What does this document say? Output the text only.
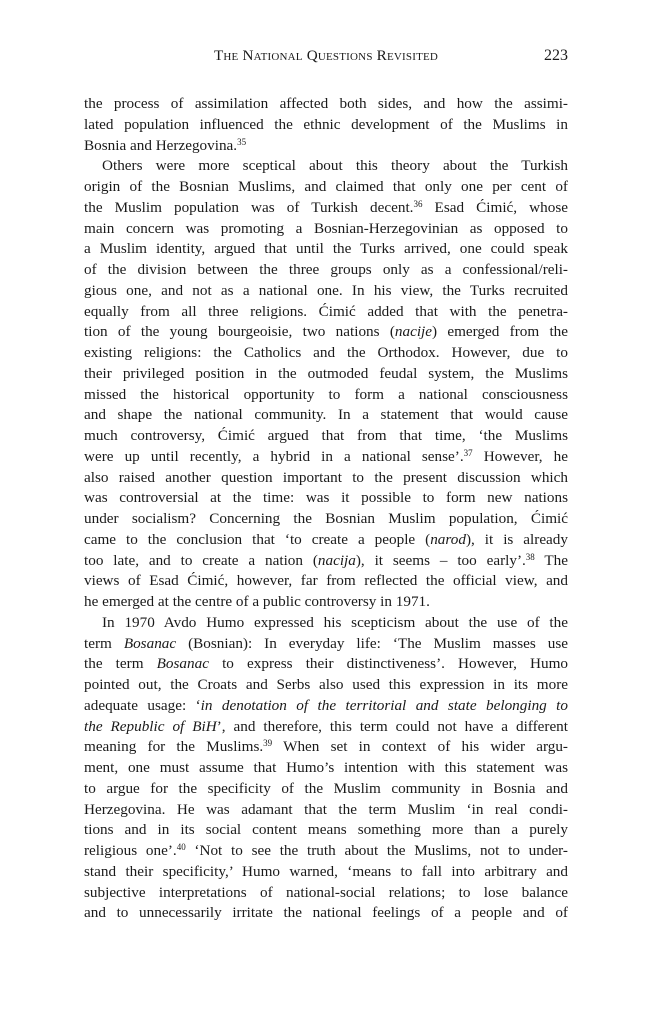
The National Questions Revisited	223
the process of assimilation affected both sides, and how the assimi-
lated population influenced the ethnic development of the Muslims in
Bosnia and Herzegovina.$^{35}$
Others were more sceptical about this theory about the Turkish
origin of the Bosnian Muslims, and claimed that only one per cent of
the Muslim population was of Turkish decent.$^{36}$ Esad Ćimić, whose
main concern was promoting a Bosnian-Herzegovinian as opposed to
a Muslim identity, argued that until the Turks arrived, one could speak
of the division between the three groups only as a confessional/reli-
gious one, and not as a national one. In his view, the Turks recruited
equally from all three religions. Ćimić added that with the penetra-
tion of the young bourgeoisie, two nations (nacije) emerged from the
existing religions: the Catholics and the Orthodox. However, due to
their privileged position in the outmoded feudal system, the Muslims
missed the historical opportunity to form a national consciousness
and shape the national community. In a statement that would cause
much controversy, Ćimić argued that from that time, ‘the Muslims
were up until recently, a hybrid in a national sense’.$^{37}$ However, he
also raised another question important to the present discussion which
was controversial at the time: was it possible to form new nations
under socialism? Concerning the Bosnian Muslim population, Ćimić
came to the conclusion that ‘to create a people (narod), it is already
too late, and to create a nation (nacija), it seems – too early’.$^{38}$ The
views of Esad Ćimić, however, far from reflected the official view, and
he emerged at the centre of a public controversy in 1971.
In 1970 Avdo Humo expressed his scepticism about the use of the
term Bosanac (Bosnian): In everyday life: ‘The Muslim masses use
the term Bosanac to express their distinctiveness’. However, Humo
pointed out, the Croats and Serbs also used this expression in its more
adequate usage: ‘in denotation of the territorial and state belonging to
the Republic of BiH’, and therefore, this term could not have a different
meaning for the Muslims.$^{39}$ When set in context of his wider argu-
ment, one must assume that Humo’s intention with this statement was
to argue for the specificity of the Muslim community in Bosnia and
Herzegovina. He was adamant that the term Muslim ‘in real condi-
tions and in its social content means something more than a purely
religious one’.$^{40}$ ‘Not to see the truth about the Muslims, not to under-
stand their specificity,’ Humo warned, ‘means to fall into arbitrary and
subjective interpretations of national-social relations; to lose balance
and to unnecessarily irritate the national feelings of a people and of
